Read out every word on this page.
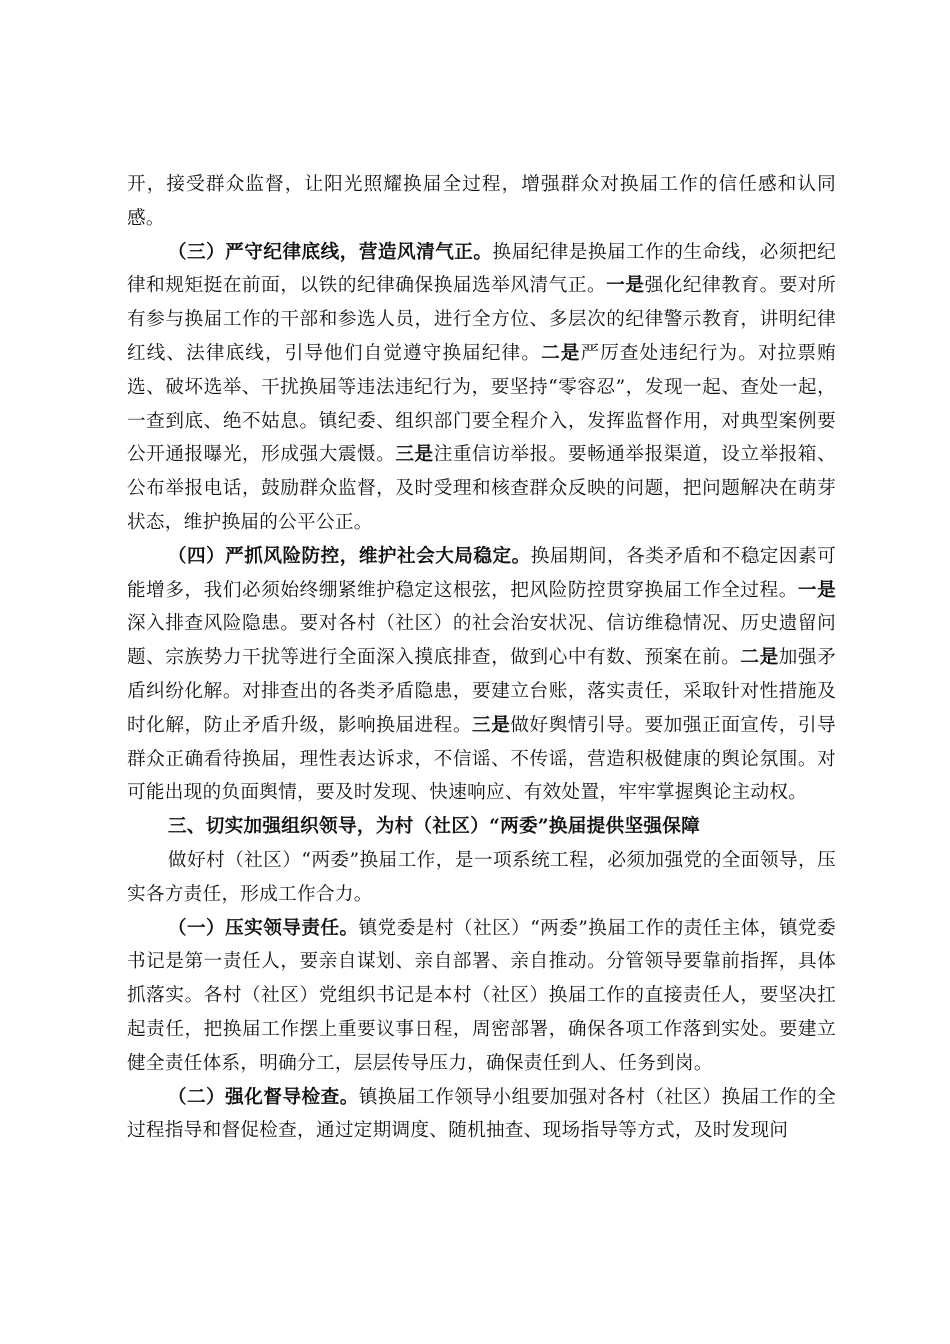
开，接受群众监督，让阳光照耀换届全过程，增强群众对换届工作的信任感和认同感。

（三）严守纪律底线，营造风清气正。换届纪律是换届工作的生命线，必须把纪律和规矩挺在前面，以铁的纪律确保换届选举风清气正。一是强化纪律教育。要对所有参与换届工作的干部和参选人员，进行全方位、多层次的纪律警示教育，讲明纪律红线、法律底线，引导他们自觉遵守换届纪律。二是严厉查处违纪行为。对拉票贿选、破坏选举、干扰换届等违法违纪行为，要坚持“零容忍”，发现一起、查处一起，一查到底、绝不姑息。镇纪委、组织部门要全程介入，发挥监督作用，对典型案例要公开通报曝光，形成强大震慑。三是注重信访举报。要畅通举报渠道，设立举报箱、公布举报电话，鼓励群众监督，及时受理和核查群众反映的问题，把问题解决在萌芽状态，维护换届的公平公正。

（四）严抓风险防控，维护社会大局稳定。换届期间，各类矛盾和不稳定因素可能增多，我们必须始终绷紧维护稳定这根弦，把风险防控贯穿换届工作全过程。一是深入排查风险隐患。要对各村（社区）的社会治安状况、信访维稳情况、历史遗留问题、宗族势力干扰等进行全面深入摸底排查，做到心中有数、预案在前。二是加强矛盾纠纷化解。对排查出的各类矛盾隐患，要建立台账，落实责任，采取针对性措施及时化解，防止矛盾升级，影响换届进程。三是做好舆情引导。要加强正面宣传，引导群众正确看待换届，理性表达诉求，不信谣、不传谣，营造积极健康的舆论氛围。对可能出现的负面舆情，要及时发现、快速响应、有效处置，牢牢掌握舆论主动权。

三、切实加强组织领导，为村（社区）“两委”换届提供坚强保障

做好村（社区）“两委”换届工作，是一项系统工程，必须加强党的全面领导，压实各方责任，形成工作合力。

（一）压实领导责任。镇党委是村（社区）“两委”换届工作的责任主体，镇党委书记是第一责任人，要亲自谋划、亲自部署、亲自推动。分管领导要靠前指挥，具体抓落实。各村（社区）党组织书记是本村（社区）换届工作的直接责任人，要坚决扛起责任，把换届工作摆上重要议事日程，周密部署，确保各项工作落到实处。要建立健全责任体系，明确分工，层层传导压力，确保责任到人、任务到岗。

（二）强化督导检查。镇换届工作领导小组要加强对各村（社区）换届工作的全过程指导和督促检查，通过定期调度、随机抽查、现场指导等方式，及时发现问
